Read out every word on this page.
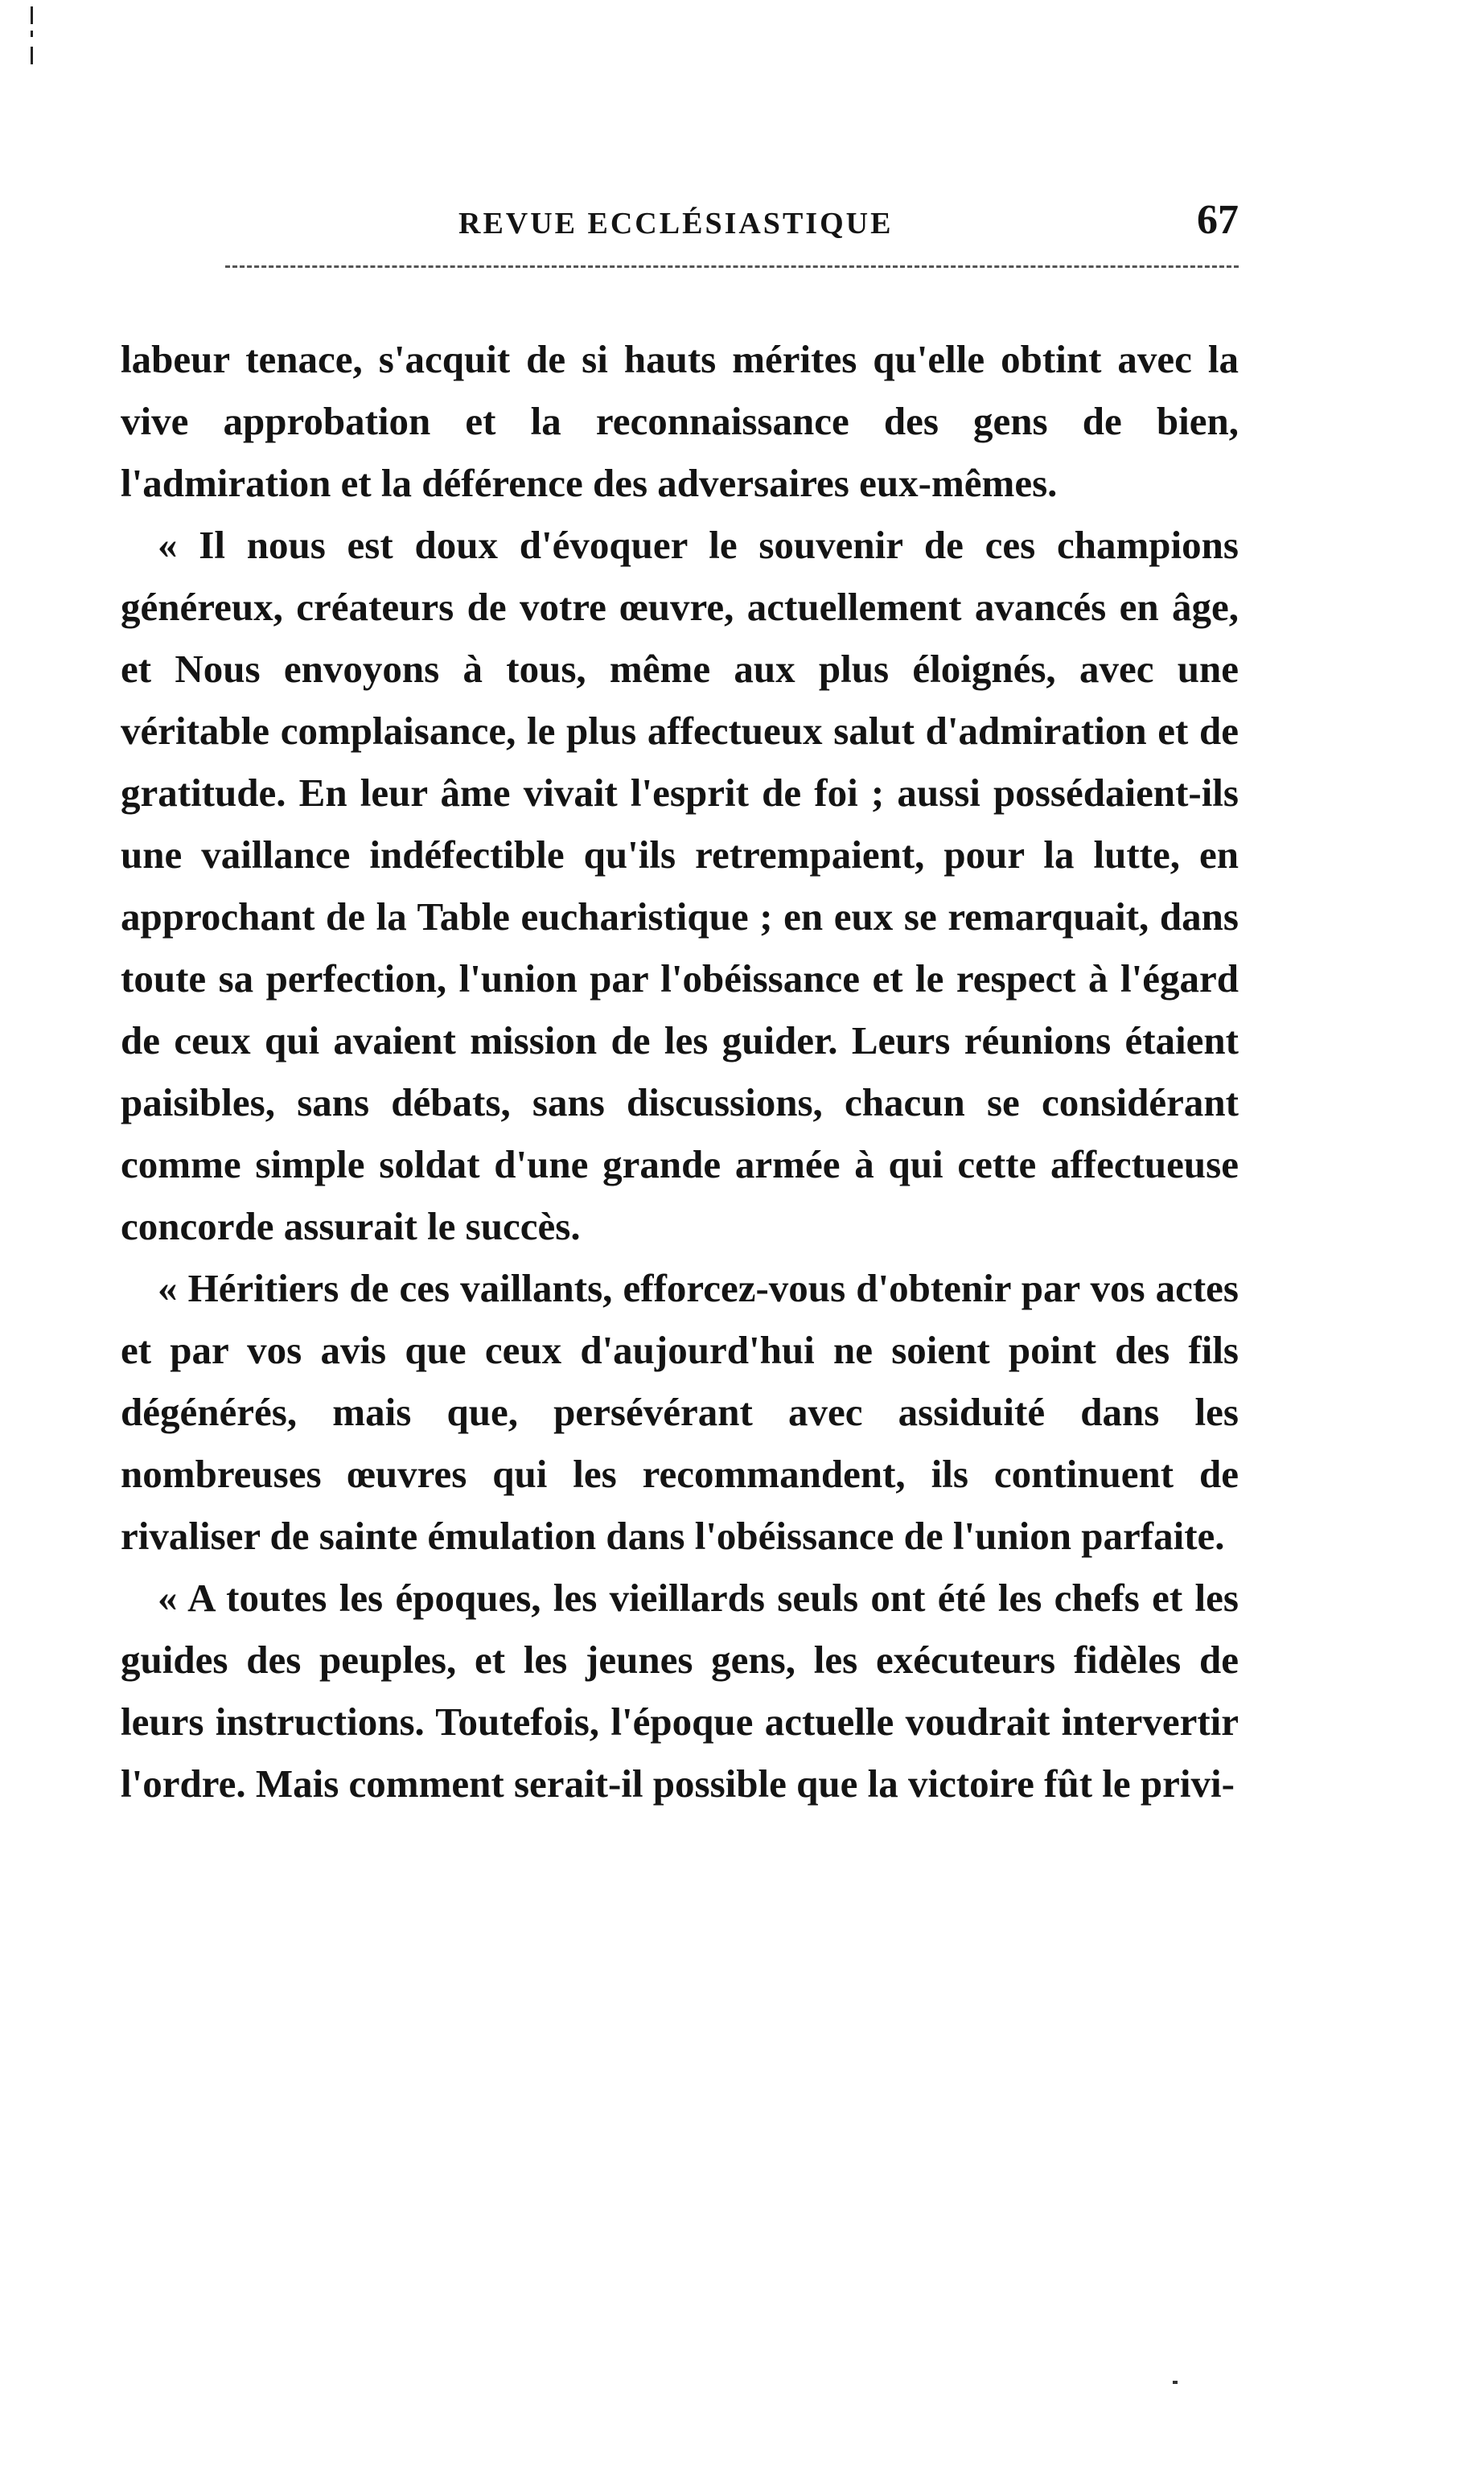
REVUE ECCLÉSIASTIQUE	67

labeur tenace, s'acquit de si hauts mérites qu'elle obtint avec la vive approbation et la reconnaissance des gens de bien, l'admiration et la déférence des adversaires eux-mêmes.

« Il nous est doux d'évoquer le souvenir de ces champions généreux, créateurs de votre œuvre, actuellement avancés en âge, et Nous envoyons à tous, même aux plus éloignés, avec une véritable complaisance, le plus affectueux salut d'admiration et de gratitude. En leur âme vivait l'esprit de foi ; aussi possédaient-ils une vaillance indéfectible qu'ils retrempaient, pour la lutte, en approchant de la Table eucharistique ; en eux se remarquait, dans toute sa perfection, l'union par l'obéissance et le respect à l'égard de ceux qui avaient mission de les guider. Leurs réunions étaient paisibles, sans débats, sans discussions, chacun se considérant comme simple soldat d'une grande armée à qui cette affectueuse concorde assurait le succès.

« Héritiers de ces vaillants, efforcez-vous d'obtenir par vos actes et par vos avis que ceux d'aujourd'hui ne soient point des fils dégénérés, mais que, persévérant avec assiduité dans les nombreuses œuvres qui les recommandent, ils continuent de rivaliser de sainte émulation dans l'obéissance de l'union parfaite.

« A toutes les époques, les vieillards seuls ont été les chefs et les guides des peuples, et les jeunes gens, les exécuteurs fidèles de leurs instructions. Toutefois, l'époque actuelle voudrait intervertir l'ordre. Mais comment serait-il possible que la victoire fût le privi-
